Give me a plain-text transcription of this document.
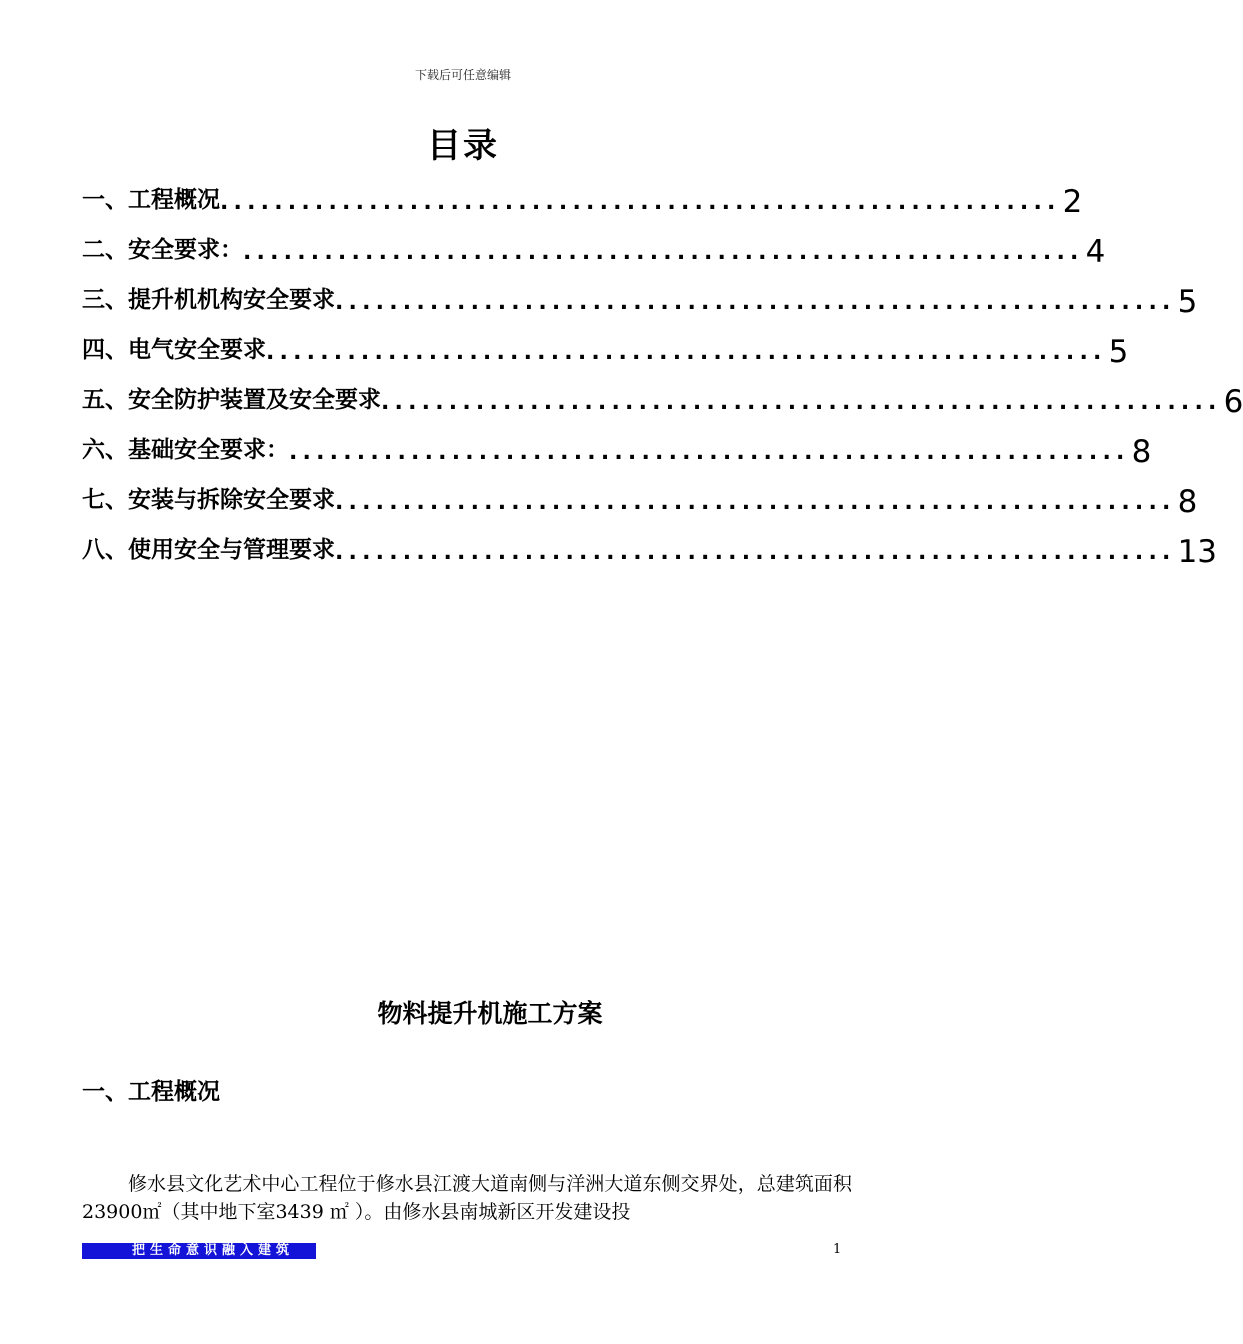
下载后可任意编辑
目录
一、工程概况 .............................................................. 2
二、安全要求： .............................................................. 4
三、提升机机构安全要求 .............................................................. 5
四、电气安全要求 .............................................................. 5
五、安全防护装置及安全要求 .............................................................. 6
六、基础安全要求： .............................................................. 8
七、安装与拆除安全要求 .............................................................. 8
八、使用安全与管理要求 .............................................................. 13
物料提升机施工方案
一、工程概况
修水县文化艺术中心工程位于修水县江渡大道南侧与洋洲大道东侧交界处，总建筑面积23900㎡（其中地下室3439 ㎡ ）。由修水县南城新区开发建设投
把生命意识融入建筑	1
